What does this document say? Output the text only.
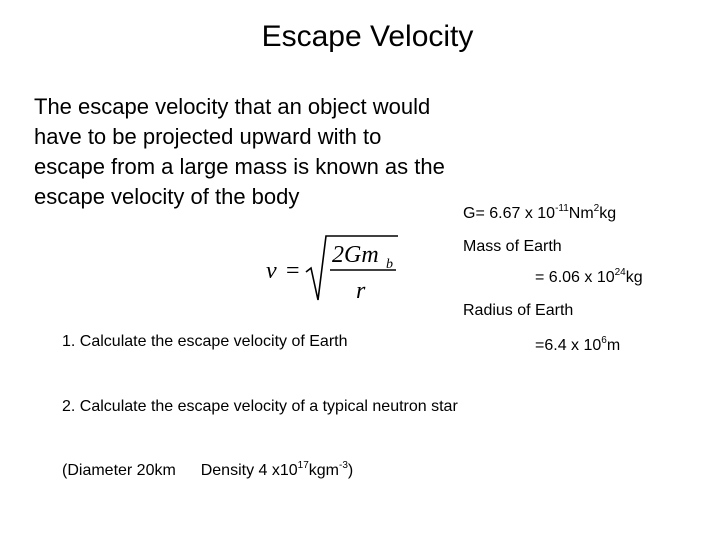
Escape Velocity
The escape velocity that an object would
have to be projected upward with to
escape from a large mass is known as the
escape velocity of the body
v =
2Gm b
r
G= 6.67 x $10^{-11}Nm^2kg$
Mass of Earth
= 6.06 x $10^{24}kg$
Radius of Earth
=6.4 x $10^6m$
1. Calculate the escape velocity of Earth
2. Calculate the escape velocity of a typical neutron star
(Diameter 20km Density 4 $x10^{17}kgm^{-3}$)
